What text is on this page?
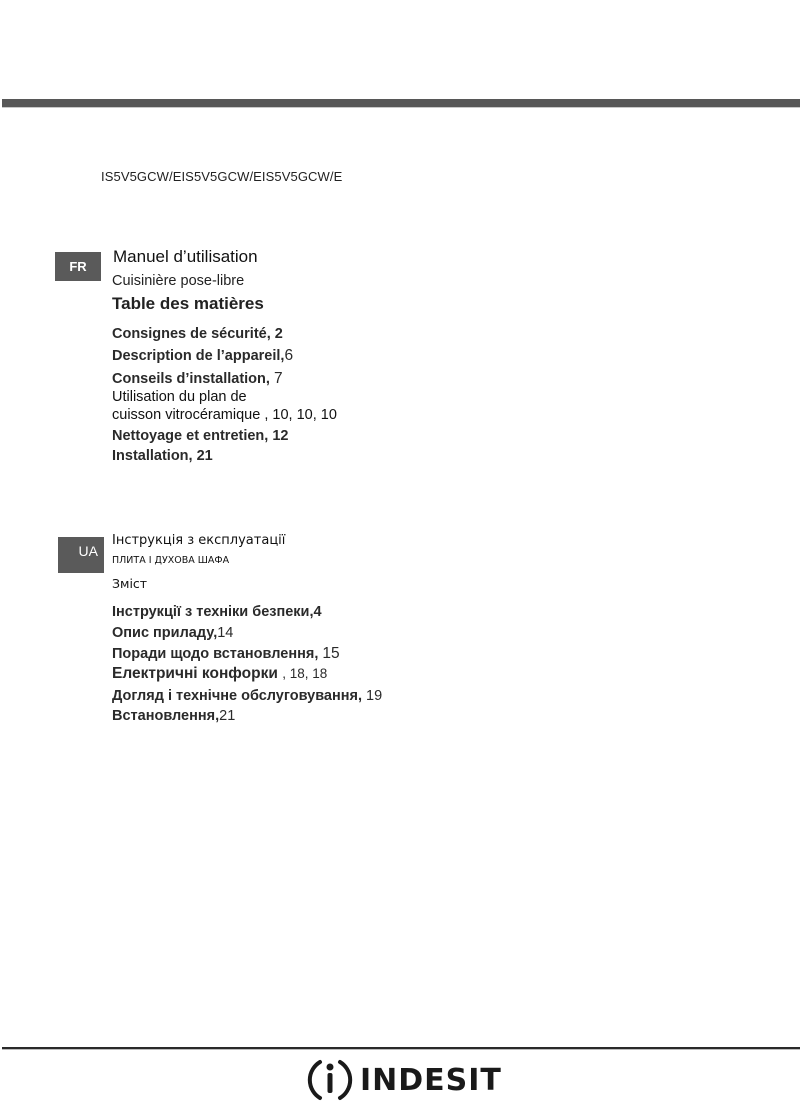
IS5V5GCW/EIS5V5GCW/EIS5V5GCW/E
FR
Manuel d’utilisation
Cuisinière pose-libre
Table des matières
Consignes de sécurité, 2
Description de l’appareil,6
Conseils d’installation, 7
Utilisation du plan de
cuisson vitrocéramique , 10, 10, 10
Nettoyage et entretien, 12
Installation, 21
UA
Інструкція з експлуатації
ПЛИТА І ДУХОВА ШАФА
Зміст
Інструкції з техніки безпеки,4
Опис приладу,14
Поради щодо встановлення, 15
Електричні конфорки , 18, 18
Догляд і технічне обслуговування, 19
Встановлення,21
INDESIT
